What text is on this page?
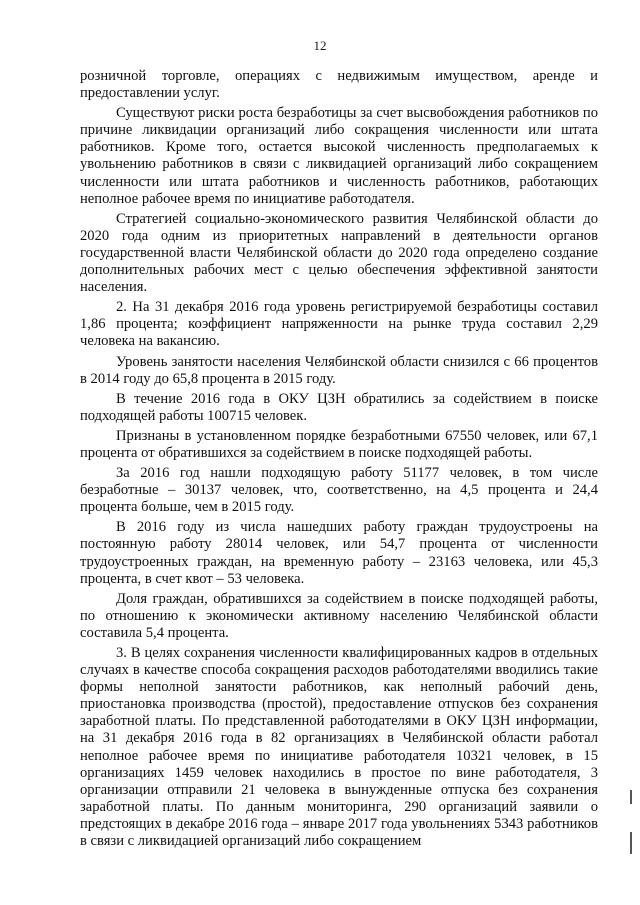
12

розничной торговле, операциях с недвижимым имуществом, аренде и предоставлении услуг.

Существуют риски роста безработицы за счет высвобождения работников по причине ликвидации организаций либо сокращения численности или штата работников. Кроме того, остается высокой численность предполагаемых к увольнению работников в связи с ликвидацией организаций либо сокращением численности или штата работников и численность работников, работающих неполное рабочее время по инициативе работодателя.

Стратегией социально-экономического развития Челябинской области до 2020 года одним из приоритетных направлений в деятельности органов государственной власти Челябинской области до 2020 года определено создание дополнительных рабочих мест с целью обеспечения эффективной занятости населения.

2. На 31 декабря 2016 года уровень регистрируемой безработицы составил 1,86 процента; коэффициент напряженности на рынке труда составил 2,29 человека на вакансию.

Уровень занятости населения Челябинской области снизился с 66 процентов в 2014 году до 65,8 процента в 2015 году.

В течение 2016 года в ОКУ ЦЗН обратились за содействием в поиске подходящей работы 100715 человек.

Признаны в установленном порядке безработными 67550 человек, или 67,1 процента от обратившихся за содействием в поиске подходящей работы.

За 2016 год нашли подходящую работу 51177 человек, в том числе безработные – 30137 человек, что, соответственно, на 4,5 процента и 24,4 процента больше, чем в 2015 году.

В 2016 году из числа нашедших работу граждан трудоустроены на постоянную работу 28014 человек, или 54,7 процента от численности трудоустроенных граждан, на временную работу – 23163 человека, или 45,3 процента, в счет квот – 53 человека.

Доля граждан, обратившихся за содействием в поиске подходящей работы, по отношению к экономически активному населению Челябинской области составила 5,4 процента.

3. В целях сохранения численности квалифицированных кадров в отдельных случаях в качестве способа сокращения расходов работодателями вводились такие формы неполной занятости работников, как неполный рабочий день, приостановка производства (простой), предоставление отпусков без сохранения заработной платы. По представленной работодателями в ОКУ ЦЗН информации, на 31 декабря 2016 года в 82 организациях в Челябинской области работал неполное рабочее время по инициативе работодателя 10321 человек, в 15 организациях 1459 человек находились в простое по вине работодателя, 3 организации отправили 21 человека в вынужденные отпуска без сохранения заработной платы. По данным мониторинга, 290 организаций заявили о предстоящих в декабре 2016 года – январе 2017 года увольнениях 5343 работников в связи с ликвидацией организаций либо сокращением
